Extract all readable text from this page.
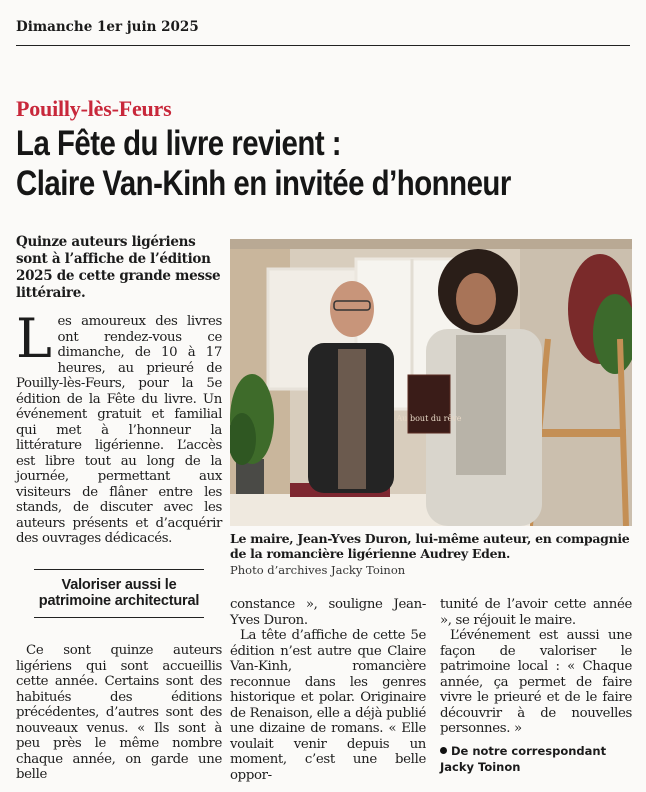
Dimanche 1er juin 2025
Pouilly-lès-Feurs
La Fête du livre revient :
Claire Van-Kinh en invitée d’honneur
Quinze auteurs ligériens sont à l’affiche de l’édition 2025 de cette grande messe littéraire.
L es amoureux des livres ont rendez-vous ce dimanche, de 10 à 17 heures, au prieuré de Pouilly-lès-Feurs, pour la 5e édition de la Fête du livre. Un événement gratuit et familial qui met à l’honneur la littérature ligérienne. L’accès est libre tout au long de la journée, permettant aux visiteurs de flâner entre les stands, de discuter avec les auteurs présents et d’acquérir des ouvrages dédicacés.

Valoriser aussi le patrimoine architectural

Ce sont quinze auteurs ligériens qui sont accueillis cette année. Certains sont des habitués des éditions précédentes, d’autres sont des nouveaux venus. « Ils sont à peu près le même nombre chaque année, on garde une belle

Au bout du rêve
Le maire, Jean-Yves Duron, lui-même auteur, en compagnie de la romancière ligérienne Audrey Eden.
Photo d’archives Jacky Toinon

constance », souligne Jean-Yves Duron.

La tête d’affiche de cette 5e édition n’est autre que Claire Van-Kinh, romancière reconnue dans les genres historique et polar. Originaire de Renaison, elle a déjà publié une dizaine de romans. « Elle voulait venir depuis un moment, c’est une belle oppor-

tunité de l’avoir cette année », se réjouit le maire.

L’événement est aussi une façon de valoriser le patrimoine local : « Chaque année, ça permet de faire vivre le prieuré et de le faire découvrir à de nouvelles personnes. »

De notre correspondant
Jacky Toinon
